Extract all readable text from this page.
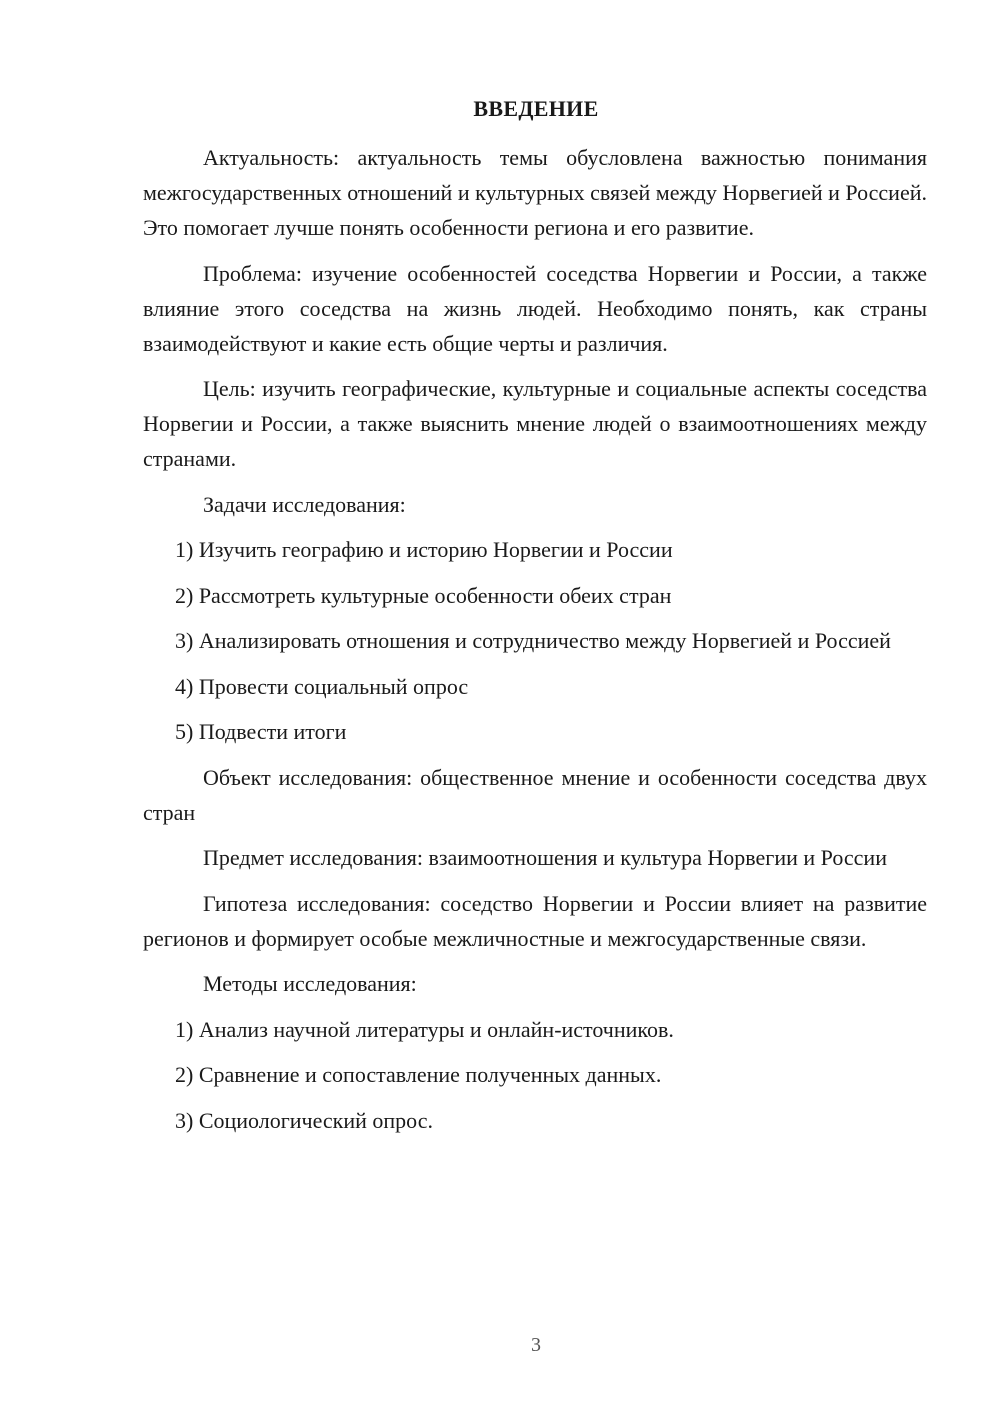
ВВЕДЕНИЕ

Актуальность: актуальность темы обусловлена важностью понимания межгосударственных отношений и культурных связей между Норвегией и Россией. Это помогает лучше понять особенности региона и его развитие.

Проблема: изучение особенностей соседства Норвегии и России, а также влияние этого соседства на жизнь людей. Необходимо понять, как страны взаимодействуют и какие есть общие черты и различия.

Цель: изучить географические, культурные и социальные аспекты соседства Норвегии и России, а также выяснить мнение людей о взаимоотношениях между странами.

Задачи исследования:

1) Изучить географию и историю Норвегии и России

2) Рассмотреть культурные особенности обеих стран

3) Анализировать отношения и сотрудничество между Норвегией и Россией

4) Провести социальный опрос

5) Подвести итоги

Объект исследования: общественное мнение и особенности соседства двух стран

Предмет исследования: взаимоотношения и культура Норвегии и России

Гипотеза исследования: соседство Норвегии и России влияет на развитие регионов и формирует особые межличностные и межгосударственные связи.

Методы исследования:

1) Анализ научной литературы и онлайн-источников.

2) Сравнение и сопоставление полученных данных.

3) Социологический опрос.

3
